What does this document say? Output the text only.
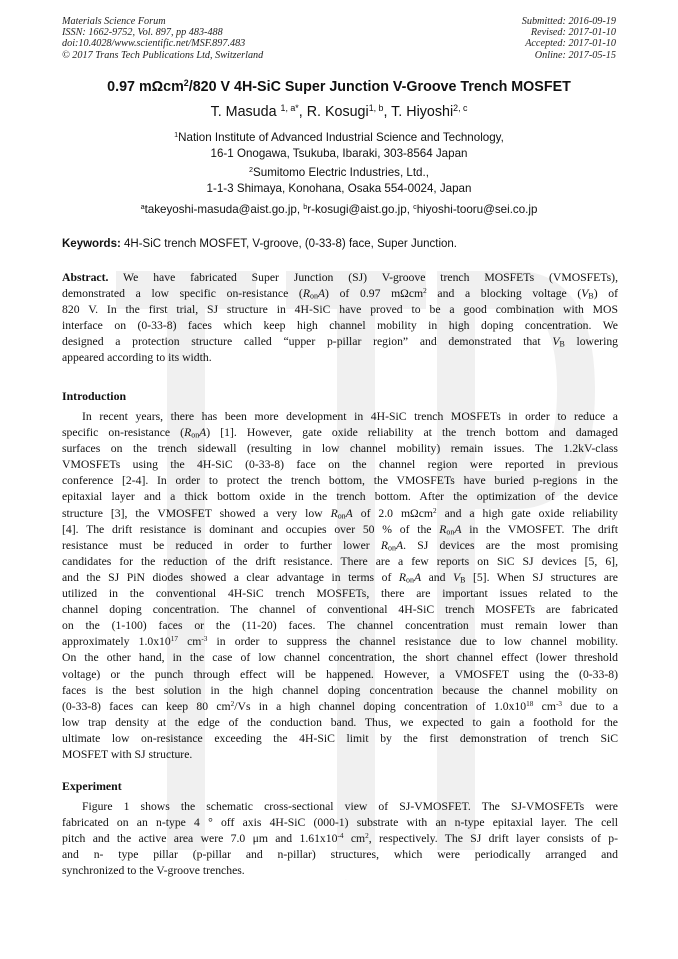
Materials Science Forum
ISSN: 1662-9752, Vol. 897, pp 483-488
doi:10.4028/www.scientific.net/MSF.897.483
© 2017 Trans Tech Publications Ltd, Switzerland
Submitted: 2016-09-19
Revised: 2017-01-10
Accepted: 2017-01-10
Online: 2017-05-15
TTP
0.97 mΩcm$^2$/820 V 4H-SiC Super Junction V-Groove Trench MOSFET
T. Masuda $^{1, a*}$, R. Kosugi$^{1, b}$, T. Hiyoshi$^{2, c}$
$^1$Nation Institute of Advanced Industrial Science and Technology,
16-1 Onogawa, Tsukuba, Ibaraki, 303-8564 Japan
$^2$Sumitomo Electric Industries, Ltd.,
1-1-3 Shimaya, Konohana, Osaka 554-0024, Japan
$^a$takeyoshi-masuda@aist.go.jp, $^b$r-kosugi@aist.go.jp, $^c$hiyoshi-tooru@sei.co.jp
Keywords: 4H-SiC trench MOSFET, V-groove, (0-33-8) face, Super Junction.
Abstract. We have fabricated Super Junction (SJ) V-groove trench MOSFETs (VMOSFETs),
demonstrated a low specific on-resistance $(R_{on}A)$ of 0.97 mΩcm$^2$ and a blocking voltage $(V_B)$ of
820 V. In the first trial, SJ structure in 4H-SiC have proved to be a good combination with MOS
interface on (0-33-8) faces which keep high channel mobility in high doping concentration. We
designed a protection structure called “upper p-pillar region” and demonstrated that $V_B$ lowering
appeared according to its width.
Introduction
In recent years, there has been more development in 4H-SiC trench MOSFETs in order to reduce a
specific on-resistance $(R_{on}A)$ [1]. However, gate oxide reliability at the trench bottom and damaged
surfaces on the trench sidewall (resulting in low channel mobility) remain issues. The 1.2kV-class
VMOSFETs using the 4H-SiC (0-33-8) face on the channel region were reported in previous
conference [2-4]. In order to protect the trench bottom, the VMOSFETs have buried p-regions in the
epitaxial layer and a thick bottom oxide in the trench bottom. After the optimization of the device
structure [3], the VMOSFET showed a very low $R_{on}A$ of 2.0 mΩcm$^2$ and a high gate oxide reliability
[4]. The drift resistance is dominant and occupies over 50 % of the $R_{on}A$ in the VMOSFET. The drift
resistance must be reduced in order to further lower $R_{on}A$. SJ devices are the most promising
candidates for the reduction of the drift resistance. There are a few reports on SiC SJ devices [5, 6],
and the SJ PiN diodes showed a clear advantage in terms of $R_{on}A$ and $V_B$ [5]. When SJ structures are
utilized in the conventional 4H-SiC trench MOSFETs, there are important issues related to the
channel doping concentration. The channel of conventional 4H-SiC trench MOSFETs are fabricated
on the (1-100) faces or the (11-20) faces. The channel concentration must remain lower than
approximately $1.0x10^{17}$ $cm^{-3}$ in order to suppress the channel resistance due to low channel mobility.
On the other hand, in the case of low channel concentration, the short channel effect (lower threshold
voltage) or the punch through effect will be happened. However, a VMOSFET using the (0-33-8)
faces is the best solution in the high channel doping concentration because the channel mobility on
(0-33-8) faces can keep 80 $cm^2/Vs$ in a high channel doping concentration of $1.0x10^{18}$ $cm^{-3}$ due to a
low trap density at the edge of the conduction band. Thus, we expected to gain a foothold for the
ultimate low on-resistance exceeding the 4H-SiC limit by the first demonstration of trench SiC
MOSFET with SJ structure.
Experiment
Figure 1 shows the schematic cross-sectional view of SJ-VMOSFET. The SJ-VMOSFETs were
fabricated on an n-type 4 ° off axis 4H-SiC (000-1) substrate with an n-type epitaxial layer. The cell
pitch and the active area were 7.0 μm and $1.61x10^{-4}$ $cm^2$, respectively. The SJ drift layer consists of p-
and n- type pillar (p-pillar and n-pillar) structures, which were periodically arranged and
synchronized to the V-groove trenches.
